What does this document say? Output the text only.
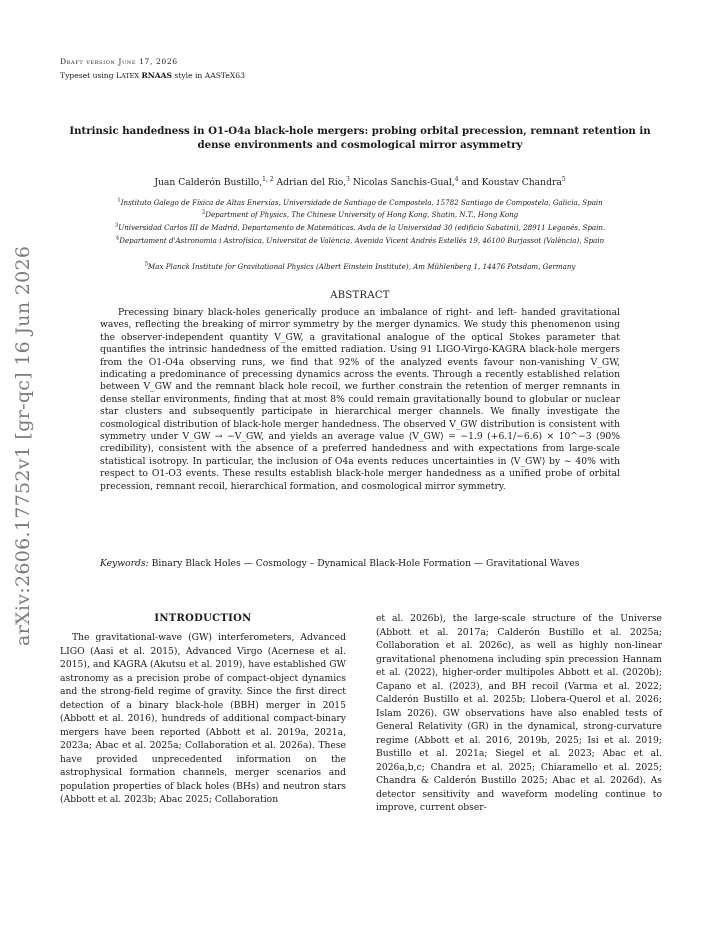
Draft version June 17, 2026
Typeset using LATEX RNAAS style in AASTeX63
arXiv:2606.17752v1 [gr-qc] 16 Jun 2026
Intrinsic handedness in O1-O4a black-hole mergers: probing orbital precession, remnant retention in dense environments and cosmological mirror asymmetry
Juan Calderón Bustillo,$^{1, 2}$ Adrian del Rio,$^3$ Nicolas Sanchis-Gual,$^4$ and Koustav Chandra$^5$
$^1$Instituto Galego de Física de Altas Enerxías, Universidade de Santiago de Compostela, 15782 Santiago de Compostela, Galicia, Spain
$^2$Department of Physics, The Chinese University of Hong Kong, Shatin, N.T., Hong Kong
$^3$Universidad Carlos III de Madrid, Departamento de Matemáticas. Avda de la Universidad 30 (edificio Sabatini), 28911 Leganés, Spain.
$^4$Departament d'Astronomia i Astrofísica, Universitat de València, Avenida Vicent Andrés Estellés 19, 46100 Burjassot (València), Spain
$^5$Max Planck Institute for Gravitational Physics (Albert Einstein Institute), Am Mühlenberg 1, 14476 Potsdam, Germany
ABSTRACT
Precessing binary black-holes generically produce an imbalance of right- and left- handed gravitational waves, reflecting the breaking of mirror symmetry by the merger dynamics. We study this phenomenon using the observer-independent quantity V_GW, a gravitational analogue of the optical Stokes parameter that quantifies the intrinsic handedness of the emitted radiation. Using 91 LIGO-Virgo-KAGRA black-hole mergers from the O1-O4a observing runs, we find that 92% of the analyzed events favour non-vanishing V_GW, indicating a predominance of precessing dynamics across the events. Through a recently established relation between V_GW and the remnant black hole recoil, we further constrain the retention of merger remnants in dense stellar environments, finding that at most 8% could remain gravitationally bound to globular or nuclear star clusters and subsequently participate in hierarchical merger channels. We finally investigate the cosmological distribution of black-hole merger handedness. The observed V_GW distribution is consistent with symmetry under V_GW → −V_GW, and yields an average value ⟨V_GW⟩ = −1.9 (+6.1/−6.6) × 10^−3 (90% credibility), consistent with the absence of a preferred handedness and with expectations from large-scale statistical isotropy. In particular, the inclusion of O4a events reduces uncertainties in ⟨V_GW⟩ by ∼ 40% with respect to O1-O3 events. These results establish black-hole merger handedness as a unified probe of orbital precession, remnant recoil, hierarchical formation, and cosmological mirror symmetry.
Keywords: Binary Black Holes — Cosmology – Dynamical Black-Hole Formation — Gravitational Waves
INTRODUCTION
The gravitational-wave (GW) interferometers, Advanced LIGO (Aasi et al. 2015), Advanced Virgo (Acernese et al. 2015), and KAGRA (Akutsu et al. 2019), have established GW astronomy as a precision probe of compact-object dynamics and the strong-field regime of gravity. Since the first direct detection of a binary black-hole (BBH) merger in 2015 (Abbott et al. 2016), hundreds of additional compact-binary mergers have been reported (Abbott et al. 2019a, 2021a, 2023a; Abac et al. 2025a; Collaboration et al. 2026a). These have provided unprecedented information on the astrophysical formation channels, merger scenarios and population properties of black holes (BHs) and neutron stars (Abbott et al. 2023b; Abac 2025; Collaboration
et al. 2026b), the large-scale structure of the Universe (Abbott et al. 2017a; Calderón Bustillo et al. 2025a; Collaboration et al. 2026c), as well as highly non-linear gravitational phenomena including spin precession Hannam et al. (2022), higher-order multipoles Abbott et al. (2020b); Capano et al. (2023), and BH recoil (Varma et al. 2022; Calderón Bustillo et al. 2025b; Llobera-Querol et al. 2026; Islam 2026). GW observations have also enabled tests of General Relativity (GR) in the dynamical, strong-curvature regime (Abbott et al. 2016, 2019b, 2025; Isi et al. 2019; Bustillo et al. 2021a; Siegel et al. 2023; Abac et al. 2026a,b,c; Chandra et al. 2025; Chiaramello et al. 2025; Chandra & Calderón Bustillo 2025; Abac et al. 2026d). As detector sensitivity and waveform modeling continue to improve, current obser-
